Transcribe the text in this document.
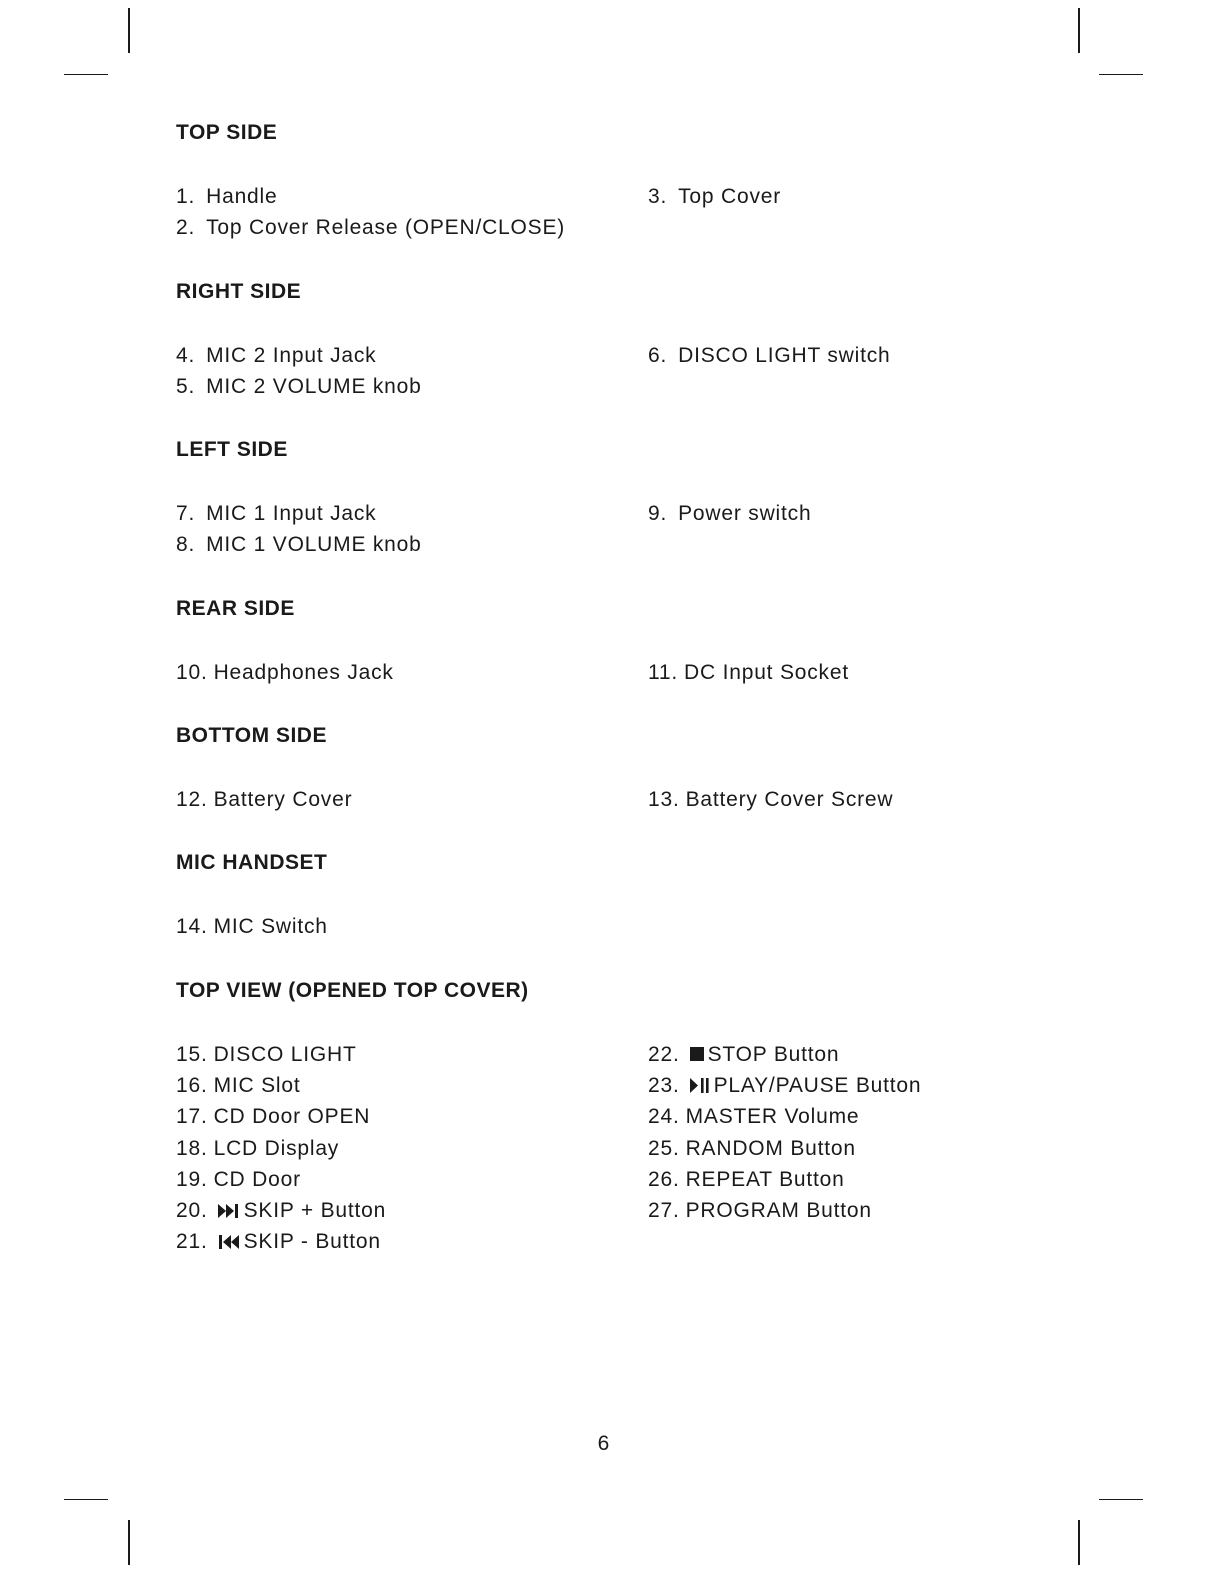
TOP SIDE
1. Handle
2. Top Cover Release (OPEN/CLOSE)
3. Top Cover
RIGHT SIDE
4. MIC 2 Input Jack
5. MIC 2 VOLUME knob
6. DISCO LIGHT switch
LEFT SIDE
7. MIC 1 Input Jack
8. MIC 1 VOLUME knob
9. Power switch
REAR SIDE
10. Headphones Jack	11. DC Input Socket
BOTTOM SIDE
12. Battery Cover	13. Battery Cover Screw
MIC HANDSET
14. MIC Switch
TOP VIEW (OPENED TOP COVER)
15. DISCO LIGHT
16. MIC Slot
17. CD Door OPEN
18. LCD Display
19. CD Door
20. SKIP + Button
21. SKIP - Button
22. STOP Button
23. PLAY/PAUSE Button
24. MASTER Volume
25. RANDOM Button
26. REPEAT Button
27. PROGRAM Button
6
